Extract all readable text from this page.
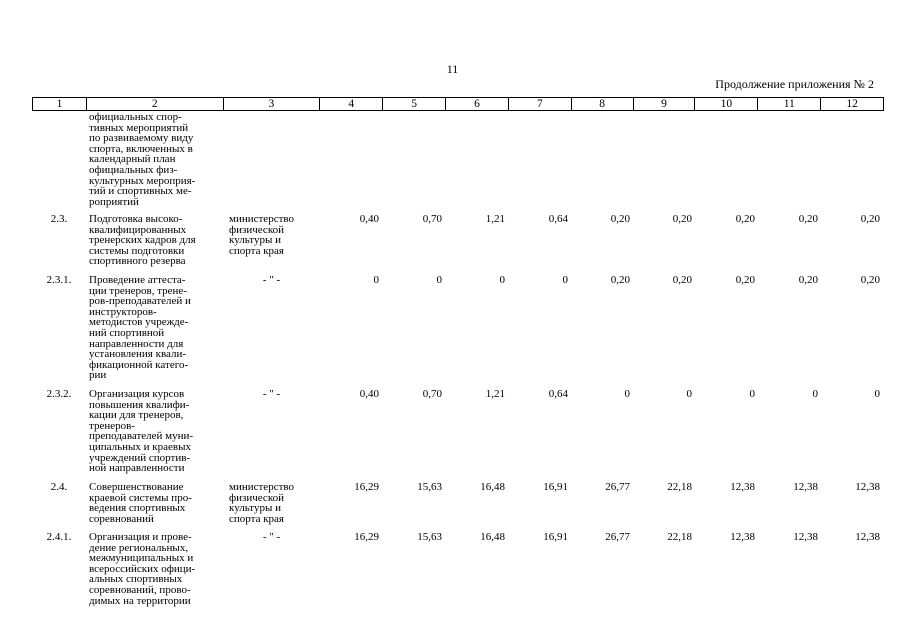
11
Продолжение приложения № 2
1	2	3	4	5	6	7	8	9	10	11	12
официальных спор-
тивных мероприятий
по развиваемому виду
спорта, включенных в
календарный план
официальных физ-
культурных мероприя-
тий и спортивных ме-
роприятий
2.3.	Подготовка высоко-
квалифицированных
тренерских кадров для
системы подготовки
спортивного резерва
министерство
физической
культуры и
спорта края
0,40	0,70	1,21	0,64	0,20	0,20	0,20	0,20	0,20
2.3.1.	Проведение аттеста-
ции тренеров, трене-
ров-преподавателей и
инструкторов-
методистов учрежде-
ний спортивной
направленности для
установления квали-
фикационной катего-
рии
- " -	0	0	0	0	0,20	0,20	0,20	0,20	0,20
2.3.2.	Организация курсов
повышения квалифи-
кации для тренеров,
тренеров-
преподавателей муни-
ципальных и краевых
учреждений спортив-
ной направленности
- " -	0,40	0,70	1,21	0,64	0	0	0	0	0
2.4.	Совершенствование
краевой системы про-
ведения спортивных
соревнований
министерство
физической
культуры и
спорта края
16,29	15,63	16,48	16,91	26,77	22,18	12,38	12,38	12,38
2.4.1.	Организация и прове-
дение региональных,
межмуниципальных и
всероссийских офици-
альных спортивных
соревнований, прово-
димых на территории
- " -	16,29	15,63	16,48	16,91	26,77	22,18	12,38	12,38	12,38
